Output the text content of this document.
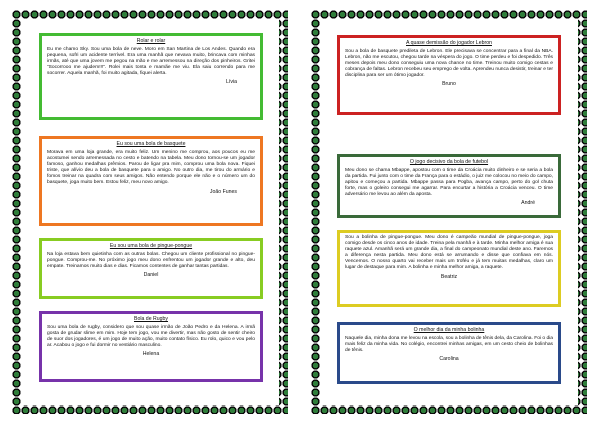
Rolar e rolar

Eu me chamo Sky. Sou uma bola de neve. Moro em San Martina de Los Andes. Quando era pequena, sofri um acidente terrível. Era uma manhã que nevava muito, brincava com minhas irmãs, até que uma jovem me pegou na mão e me arremessou na direção dos pinheiros. Gritei “Socorrooo me ajudem!!!”. Rolei mais tonta e mamãe me viu. Ela saiu correndo para me socorrer. Aquela manhã, foi muito agitada, fiquei alerta.

Lívia
Eu sou uma bola de basquete

Morava em uma loja grande, era muito feliz. Um menino me comprou, aos poucos eu me acostumei sendo arremessada no cesto e batendo na tabela. Meu dono tornou-se um jogador famoso, ganhou medalhas prêmios. Parou de ligar pra mim, comprou uma bola nova. Fiquei triste, que alívio deu a bola de basquete para o amigo. No outro dia, me tirou do armário e fomos treinar na quadra com seus amigos. Não entendo porque ele não e o número um do basquete, joga muito bem. Estou feliz, meu novo amigo.

João Funes
Eu sou uma bola de pingue-pongue

Na loja estava bem quietinha com as outras bolas. Chegou um cliente profissional no pingue-pongue. Comprou-me. No próximo jogo meu dono enfrentou um jogador grande e alto, deu empate. Treinamos muito dias e dias. Ficamos contentes de ganhar tantas partidas.

Daniel
Bola de Rugby

Sou uma bola de rugby, considero que sou quase irmão de João Pedro e da Helena. A irmã gosta de grudar slime em mim. Hoje tem jogo, vou me divertir, mas não gosto de sentir cheiro de suor dos jogadores, é um jogo de muito ação, muito contato físico. Eu rolo, quico e vou pelo ar. Acabou o jogo e fui dormir no vestiário masculino.

Helena
A quase demissão do jogador Lebron

Sou a bola de basquete predileta de Lebron. Ele precisava se concentrar para a final da NBA. Lebron, não me escutou, chegou tarde na véspera do jogo. O time perdeu e foi despedido. Três meses depois meu dono conseguiu uma nova chance no time. Treinou muito comigo cestas e cobrança de faltas. Lebron recebeu seu emprego de volta. Aprendeu nunca desistir, treinar e ter disciplina para ser um ótimo jogador.

Bruno
O jogo decisivo da bola de futebol

Meu dono se chama Mbappe, apostou com o time da Croácia muito dinheiro e se seria a bola da partida. Fui junto com o time da França para o estádio, o juiz me colocou no meio do campo, apitou e começou a partida. Mbappe passa para Pogba, avança campo, perto do gol chuta forte, mas o goleiro consegui me agarrar. Para encurtar a história a Croácia venceu. O time adversário me levou ao além da aposta.

André

Sou a bolinha de pingue-pongue. Meu dono é campeão mundial de pingue-pongue, joga comigo desde os cinco anos de idade. Treina pela manhã e à tarde. Minha melhor amiga é sua raquete azul. Amanhã será um grande dia, a final do campeonato mundial deste ano. Faremos a diferença nesta partida. Meu dono está se arrumando e disse que confiava em nós. Vencemos. O nosso quarto vai receber mais um troféu e já tem muitas medalhas, claro um lugar de destaque para mim. A bolinha e minha melhor amiga, a raquete.

Beatriz
O melhor dia da minha bolinha

Naquele dia, minha dona me levou na escola, sou a bolinha de tênis dela, da Carolina. Foi o dia mais feliz da minha vida. No colégio, encontrei minhas amigas, em um cesto cheio de bolinhas de tênis.

Carolina
